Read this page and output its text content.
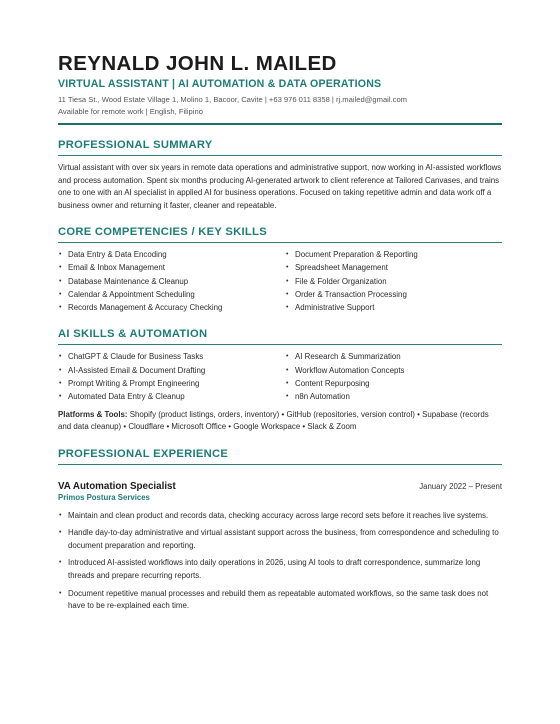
REYNALD JOHN L. MAILED
VIRTUAL ASSISTANT | AI AUTOMATION & DATA OPERATIONS
11 Tiesa St., Wood Estate Village 1, Molino 1, Bacoor, Cavite | +63 976 011 8358 | rj.mailed@gmail.com
Available for remote work | English, Filipino
PROFESSIONAL SUMMARY
Virtual assistant with over six years in remote data operations and administrative support, now working in AI-assisted workflows and process automation. Spent six months producing AI-generated artwork to client reference at Tailored Canvases, and trains one to one with an AI specialist in applied AI for business operations. Focused on taking repetitive admin and data work off a business owner and returning it faster, cleaner and repeatable.
CORE COMPETENCIES / KEY SKILLS
• Data Entry & Data Encoding
• Email & Inbox Management
• Database Maintenance & Cleanup
• Calendar & Appointment Scheduling
• Records Management & Accuracy Checking
• Document Preparation & Reporting
• Spreadsheet Management
• File & Folder Organization
• Order & Transaction Processing
• Administrative Support
AI SKILLS & AUTOMATION
• ChatGPT & Claude for Business Tasks
• AI-Assisted Email & Document Drafting
• Prompt Writing & Prompt Engineering
• Automated Data Entry & Cleanup
• AI Research & Summarization
• Workflow Automation Concepts
• Content Repurposing
• n8n Automation
Platforms & Tools: Shopify (product listings, orders, inventory) • GitHub (repositories, version control) • Supabase (records and data cleanup) • Cloudflare • Microsoft Office • Google Workspace • Slack & Zoom
PROFESSIONAL EXPERIENCE
VA Automation Specialist	January 2022 – Present
Primos Postura Services
• Maintain and clean product and records data, checking accuracy across large record sets before it reaches live systems.
• Handle day-to-day administrative and virtual assistant support across the business, from correspondence and scheduling to document preparation and reporting.
• Introduced AI-assisted workflows into daily operations in 2026, using AI tools to draft correspondence, summarize long threads and prepare recurring reports.
• Document repetitive manual processes and rebuild them as repeatable automated workflows, so the same task does not have to be re-explained each time.
